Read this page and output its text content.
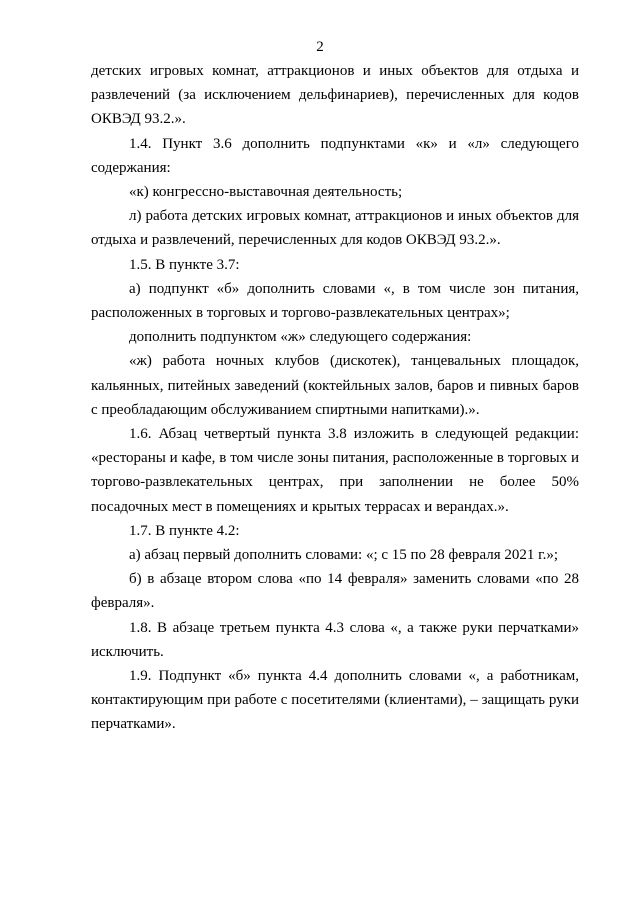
2

детских игровых комнат, аттракционов и иных объектов для отдыха и развлечений (за исключением дельфинариев), перечисленных для кодов ОКВЭД 93.2.».

1.4. Пункт 3.6 дополнить подпунктами «к» и «л» следующего содержания:

«к) конгрессно-выставочная деятельность;

л) работа детских игровых комнат, аттракционов и иных объектов для отдыха и развлечений, перечисленных для кодов ОКВЭД 93.2.».

1.5. В пункте 3.7:

а) подпункт «б» дополнить словами «, в том числе зон питания, расположенных в торговых и торгово-развлекательных центрах»;

дополнить подпунктом «ж» следующего содержания:

«ж) работа ночных клубов (дискотек), танцевальных площадок, кальянных, питейных заведений (коктейльных залов, баров и пивных баров с преобладающим обслуживанием спиртными напитками).».

1.6. Абзац четвертый пункта 3.8 изложить в следующей редакции: «рестораны и кафе, в том числе зоны питания, расположенные в торговых и торгово-развлекательных центрах, при заполнении не более 50% посадочных мест в помещениях и крытых террасах и верандах.».

1.7. В пункте 4.2:

а) абзац первый дополнить словами: «; с 15 по 28 февраля 2021 г.»;

б) в абзаце втором слова «по 14 февраля» заменить словами «по 28 февраля».

1.8. В абзаце третьем пункта 4.3 слова «, а также руки перчатками» исключить.

1.9. Подпункт «б» пункта 4.4 дополнить словами «, а работникам, контактирующим при работе с посетителями (клиентами), – защищать руки перчатками».
